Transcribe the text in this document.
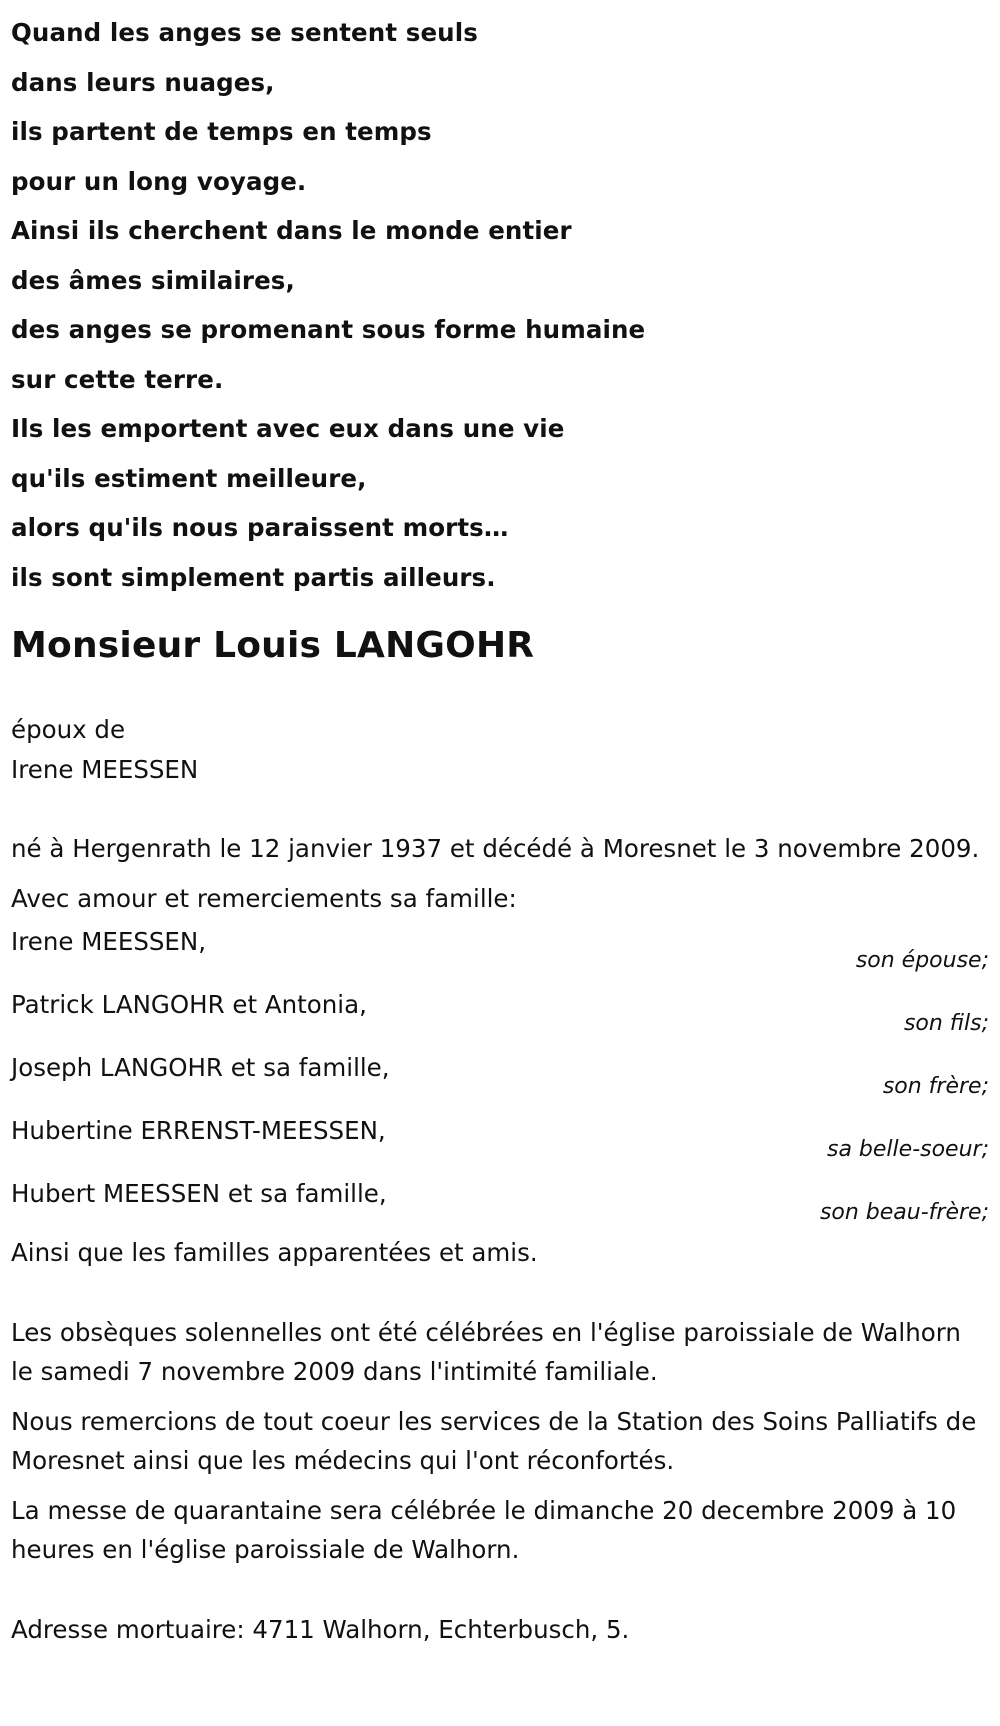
Quand les anges se sentent seuls
dans leurs nuages,
ils partent de temps en temps
pour un long voyage.
Ainsi ils cherchent dans le monde entier
des âmes similaires,
des anges se promenant sous forme humaine
sur cette terre.
Ils les emportent avec eux dans une vie
qu'ils estiment meilleure,
alors qu'ils nous paraissent morts…
ils sont simplement partis ailleurs.
Monsieur Louis LANGOHR
époux de
Irene MEESSEN
né à Hergenrath le 12 janvier 1937 et décédé à Moresnet le 3 novembre 2009.
Avec amour et remerciements sa famille:
Irene MEESSEN,
son épouse;
Patrick LANGOHR et Antonia,
son fils;
Joseph LANGOHR et sa famille,
son frère;
Hubertine ERRENST-MEESSEN,
sa belle-soeur;
Hubert MEESSEN et sa famille,
son beau-frère;
Ainsi que les familles apparentées et amis.
Les obsèques solennelles ont été célébrées en l'église paroissiale de Walhorn le samedi 7 novembre 2009 dans l'intimité familiale.
Nous remercions de tout coeur les services de la Station des Soins Palliatifs de Moresnet ainsi que les médecins qui l'ont réconfortés.
La messe de quarantaine sera célébrée le dimanche 20 decembre 2009 à 10 heures en l'église paroissiale de Walhorn.
Adresse mortuaire: 4711 Walhorn, Echterbusch, 5.
